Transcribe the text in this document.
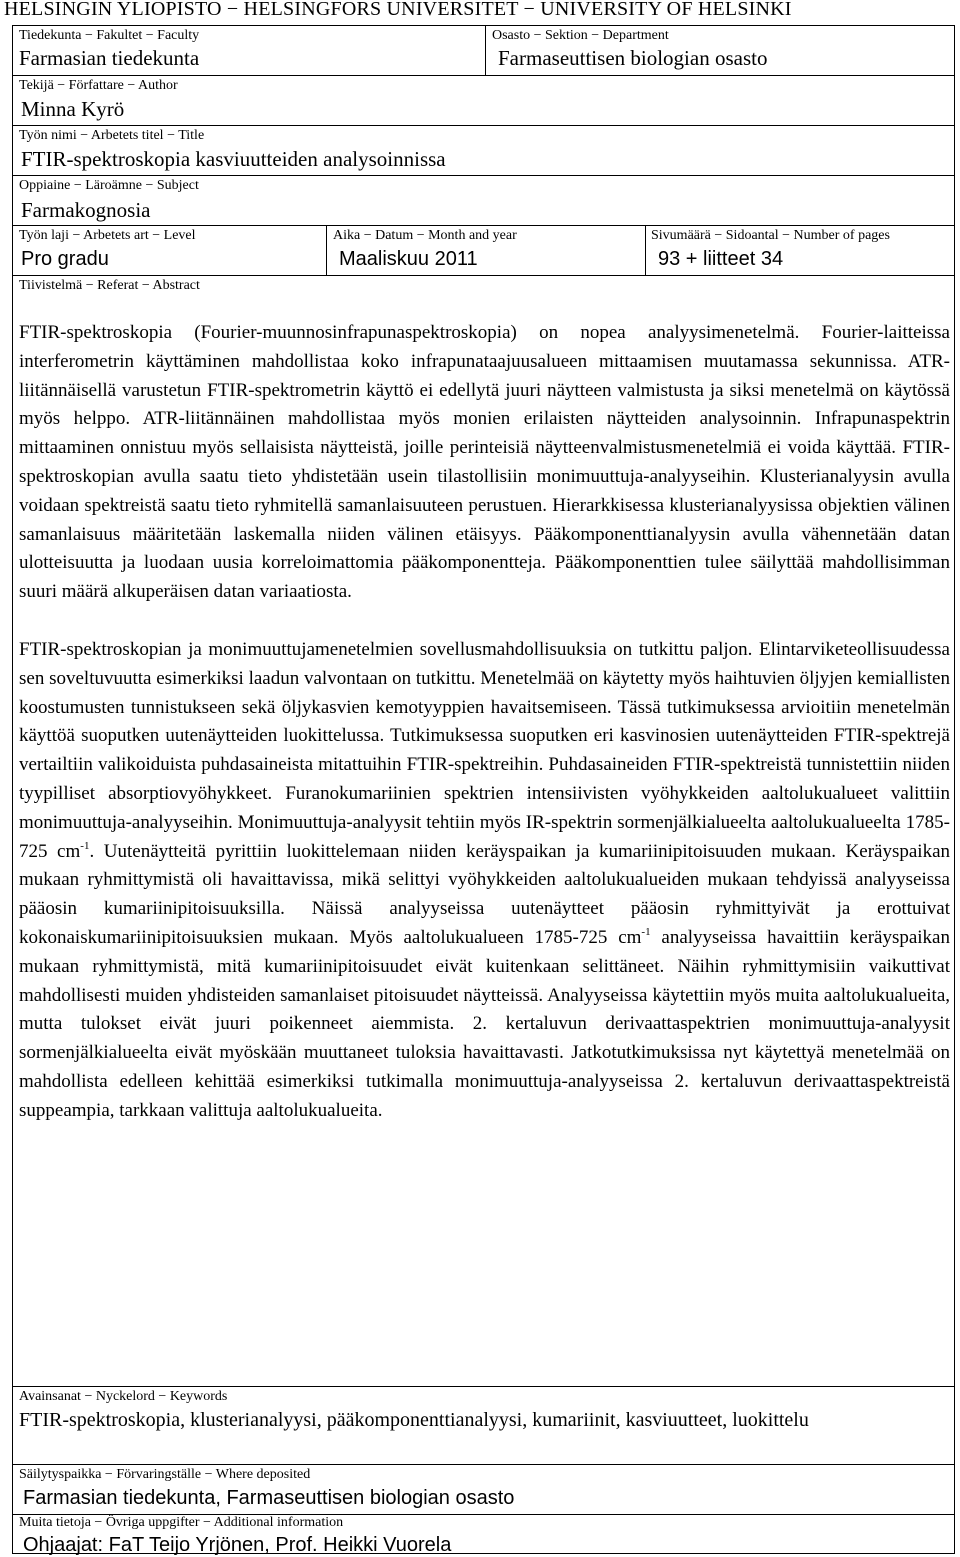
HELSINGIN YLIOPISTO − HELSINGFORS UNIVERSITET − UNIVERSITY OF HELSINKI
Tiedekunta − Fakultet − Faculty
Farmasian tiedekunta
Osasto − Sektion − Department
Farmaseuttisen biologian osasto
Tekijä − Författare − Author
Minna Kyrö
Työn nimi − Arbetets titel − Title
FTIR-spektroskopia kasviuutteiden analysoinnissa
Oppiaine − Läroämne − Subject
Farmakognosia
Työn laji − Arbetets art − Level
Pro gradu
Aika − Datum − Month and year
Maaliskuu 2011
Sivumäärä − Sidoantal − Number of pages
93 + liitteet 34
Tiivistelmä − Referat − Abstract

FTIR-spektroskopia (Fourier-muunnosinfrapunaspektroskopia) on nopea analyysimenetelmä. Fourier-laitteissa interferometrin käyttäminen mahdollistaa koko infrapunataajuusalueen mittaamisen muutamassa sekunnissa. ATR-liitännäisellä varustetun FTIR-spektrometrin käyttö ei edellytä juuri näytteen valmistusta ja siksi menetelmä on käytössä myös helppo. ATR-liitännäinen mahdollistaa myös monien erilaisten näytteiden analysoinnin. Infrapunaspektrin mittaaminen onnistuu myös sellaisista näytteistä, joille perinteisiä näytteenvalmistusmenetelmiä ei voida käyttää. FTIR-spektroskopian avulla saatu tieto yhdistetään usein tilastollisiin monimuuttuja-analyyseihin. Klusterianalyysin avulla voidaan spektreistä saatu tieto ryhmitellä samanlaisuuteen perustuen. Hierarkkisessa klusterianalyysissa objektien välinen samanlaisuus määritetään laskemalla niiden välinen etäisyys. Pääkomponenttianalyysin avulla vähennetään datan ulotteisuutta ja luodaan uusia korreloimattomia pääkomponentteja. Pääkomponenttien tulee säilyttää mahdollisimman suuri määrä alkuperäisen datan variaatiosta.

FTIR-spektroskopian ja monimuuttujamenetelmien sovellusmahdollisuuksia on tutkittu paljon. Elintarviketeollisuudessa sen soveltuvuutta esimerkiksi laadun valvontaan on tutkittu. Menetelmää on käytetty myös haihtuvien öljyjen kemiallisten koostumusten tunnistukseen sekä öljykasvien kemotyyppien havaitsemiseen. Tässä tutkimuksessa arvioitiin menetelmän käyttöä suoputken uutenäytteiden luokittelussa. Tutkimuksessa suoputken eri kasvinosien uutenäytteiden FTIR-spektrejä vertailtiin valikoiduista puhdasaineista mitattuihin FTIR-spektreihin. Puhdasaineiden FTIR-spektreistä tunnistettiin niiden tyypilliset absorptiovyöhykkeet. Furanokumariinien spektrien intensiivisten vyöhykkeiden aaltolukualueet valittiin monimuuttuja-analyyseihin. Monimuuttuja-analyysit tehtiin myös IR-spektrin sormenjälkialueelta aaltolukualueelta 1785-725 $cm^{-1}$. Uutenäytteitä pyrittiin luokittelemaan niiden keräyspaikan ja kumariinipitoisuuden mukaan. Keräyspaikan mukaan ryhmittymistä oli havaittavissa, mikä selittyi vyöhykkeiden aaltolukualueiden mukaan tehdyissä analyyseissa pääosin kumariinipitoisuuksilla. Näissä analyyseissa uutenäytteet pääosin ryhmittyivät ja erottuivat kokonaiskumariinipitoisuuksien mukaan. Myös aaltolukualueen 1785-725 $cm^{-1}$ analyyseissa havaittiin keräyspaikan mukaan ryhmittymistä, mitä kumariinipitoisuudet eivät kuitenkaan selittäneet. Näihin ryhmittymisiin vaikuttivat mahdollisesti muiden yhdisteiden samanlaiset pitoisuudet näytteissä. Analyyseissa käytettiin myös muita aaltolukualueita, mutta tulokset eivät juuri poikenneet aiemmista. 2. kertaluvun derivaattaspektrien monimuuttuja-analyysit sormenjälkialueelta eivät myöskään muuttaneet tuloksia havaittavasti. Jatkotutkimuksissa nyt käytettyä menetelmää on mahdollista edelleen kehittää esimerkiksi tutkimalla monimuuttuja-analyyseissa 2. kertaluvun derivaattaspektreistä suppeampia, tarkkaan valittuja aaltolukualueita.

Avainsanat − Nyckelord − Keywords
FTIR-spektroskopia, klusterianalyysi, pääkomponenttianalyysi, kumariinit, kasviuutteet, luokittelu
Säilytyspaikka − Förvaringställe − Where deposited
Farmasian tiedekunta, Farmaseuttisen biologian osasto
Muita tietoja − Övriga uppgifter − Additional information
Ohjaajat: FaT Teijo Yrjönen, Prof. Heikki Vuorela
